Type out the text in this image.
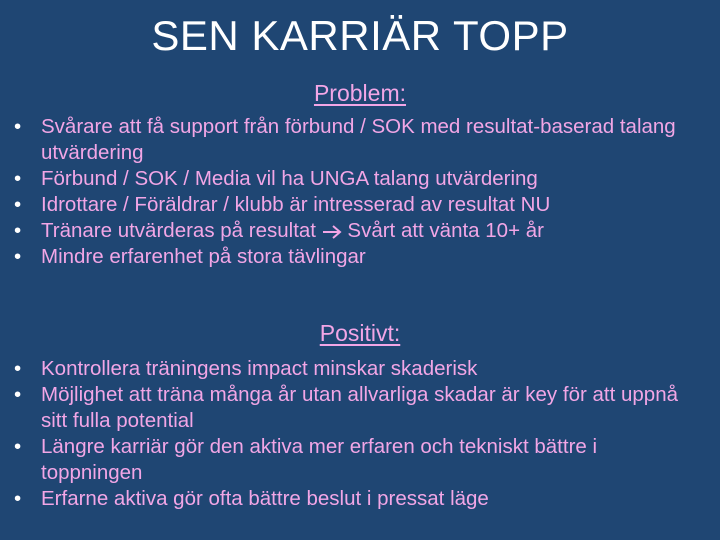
SEN KARRIÄR TOPP
Problem:
• Svårare att få support från förbund / SOK med resultat-baserad talang utvärdering
• Förbund / SOK / Media vil ha UNGA talang utvärdering
• Idrottare / Föräldrar / klubb är intresserad av resultat NU
• Tränare utvärderas på resultat Svårt att vänta 10+ år
• Mindre erfarenhet på stora tävlingar
Positivt:
• Kontrollera träningens impact minskar skaderisk
• Möjlighet att träna många år utan allvarliga skadar är key för att uppnå sitt fulla potential
• Längre karriär gör den aktiva mer erfaren och tekniskt bättre i toppningen
• Erfarne aktiva gör ofta bättre beslut i pressat läge
